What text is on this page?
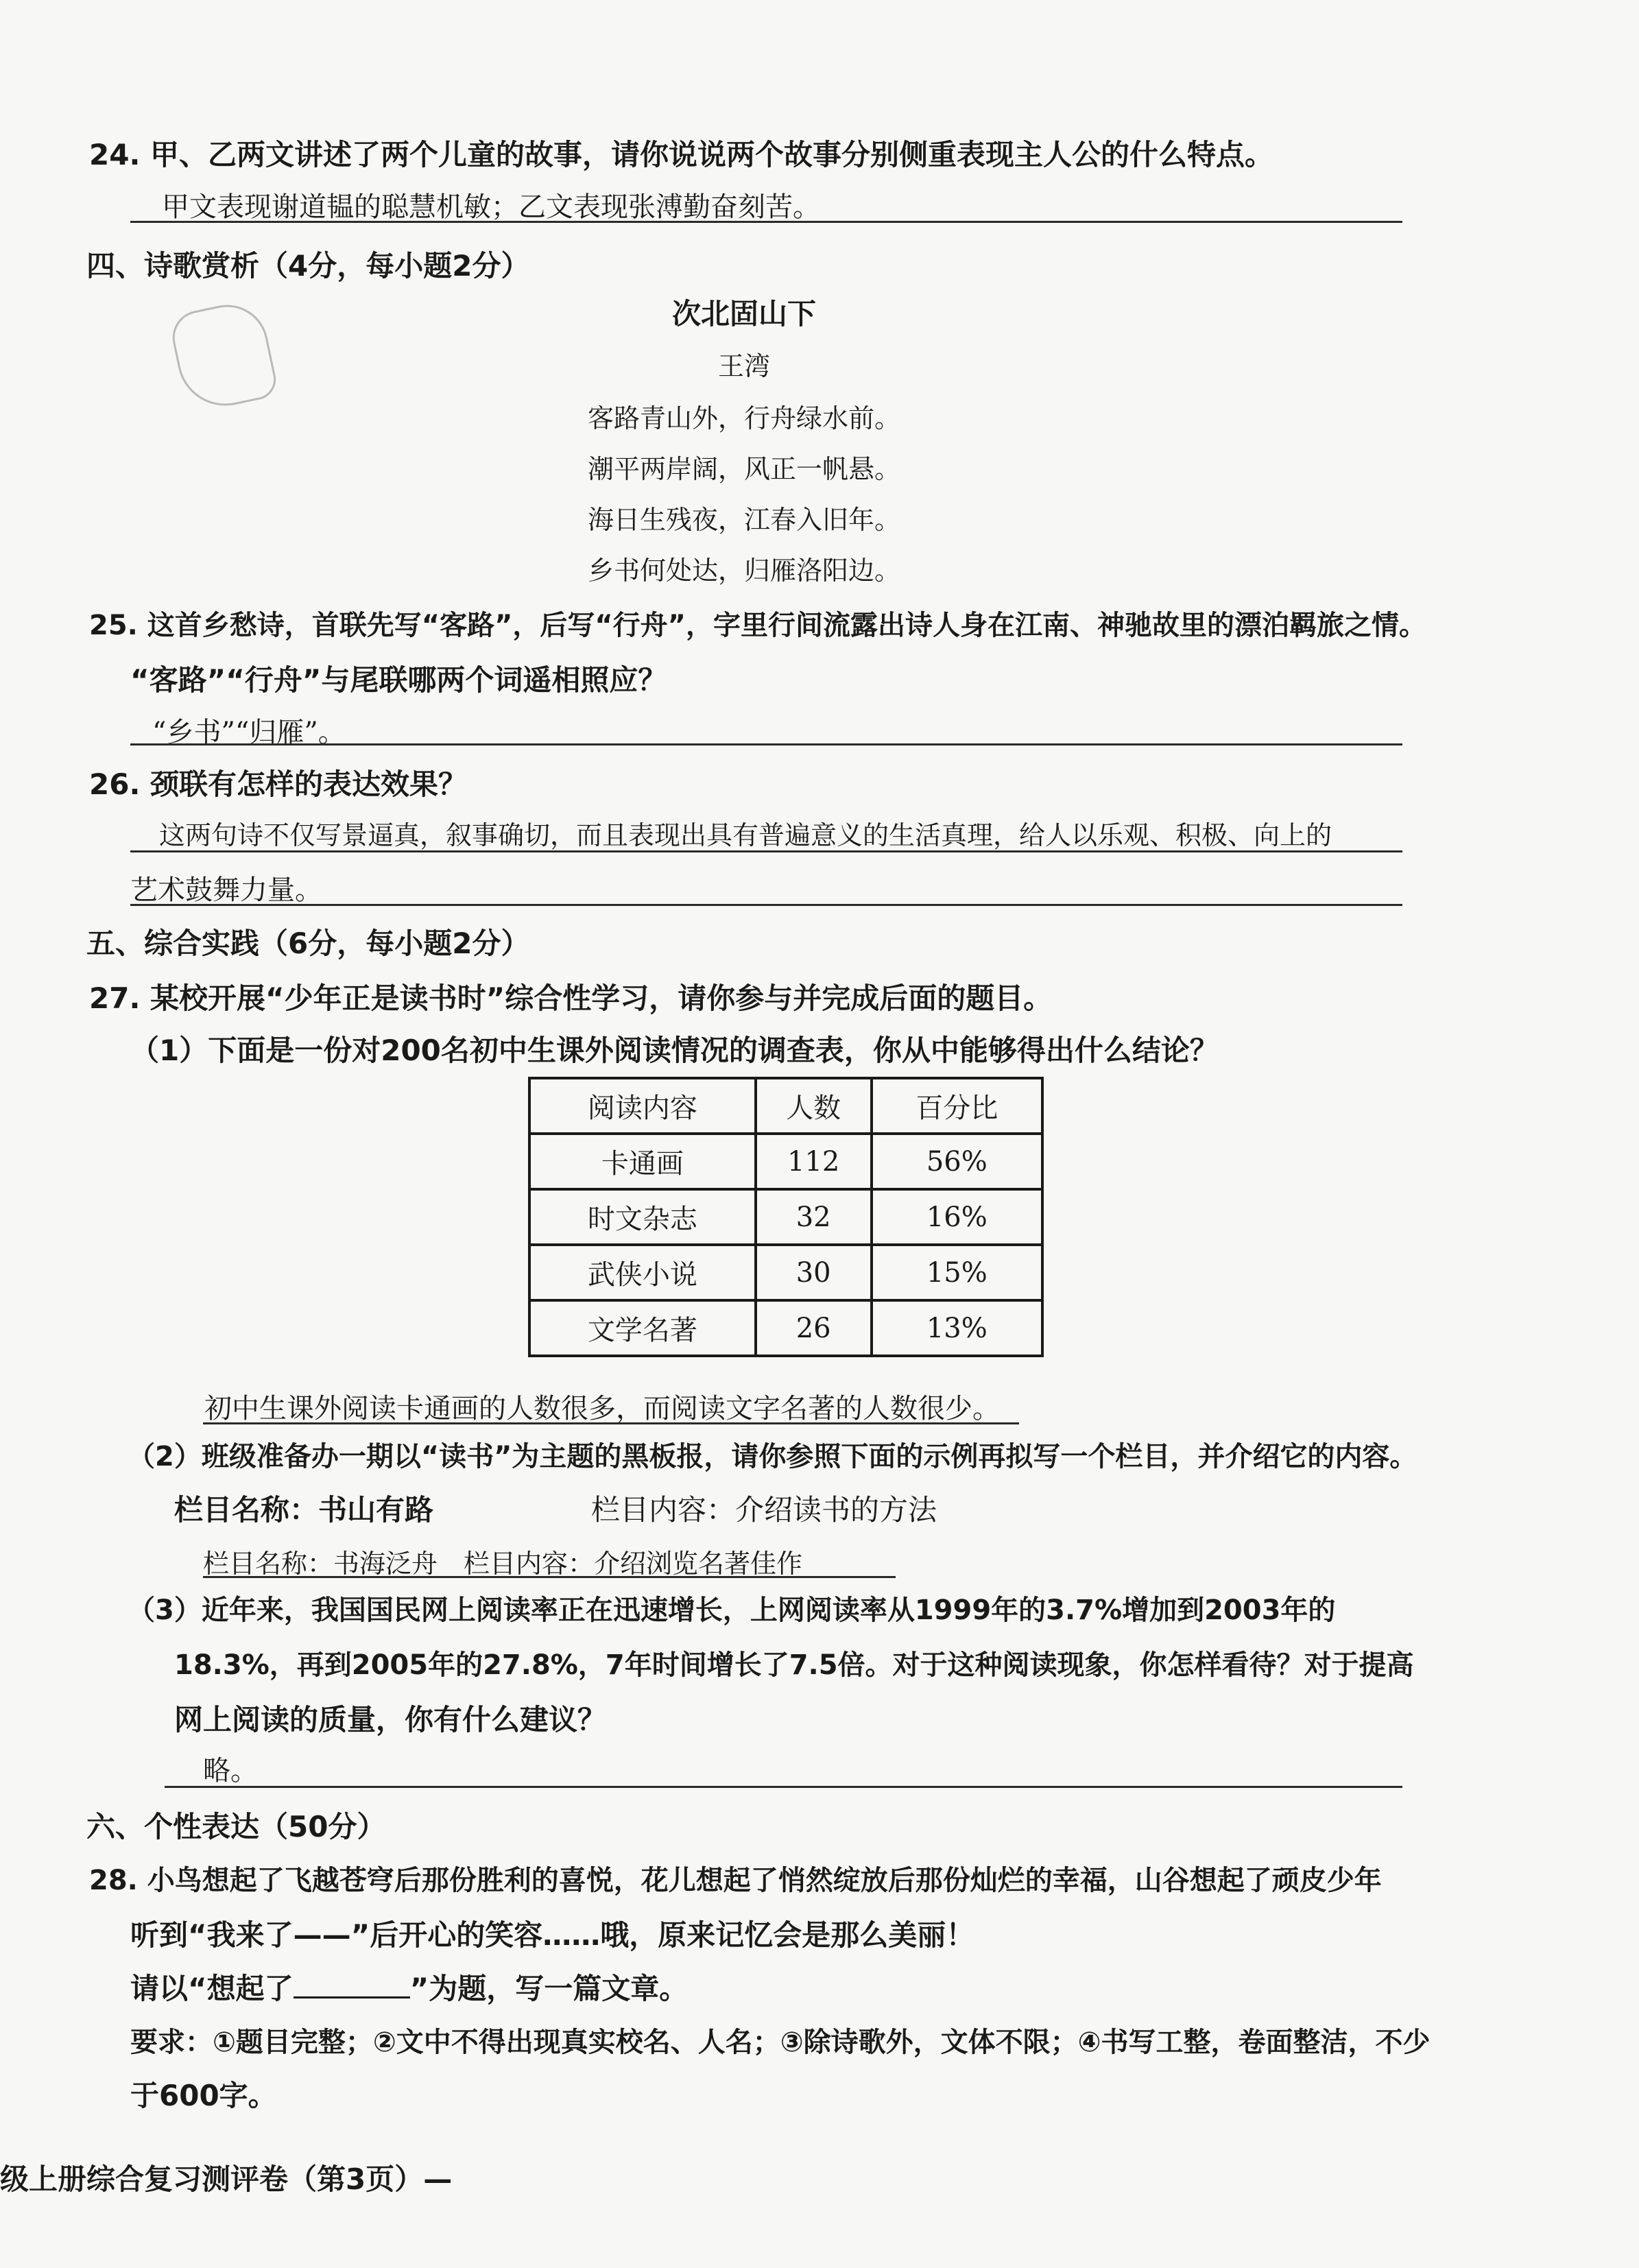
24. 甲、乙两文讲述了两个儿童的故事，请你说说两个故事分别侧重表现主人公的什么特点。
甲文表现谢道韫的聪慧机敏；乙文表现张溥勤奋刻苦。
四、诗歌赏析（4分，每小题2分）
次北固山下
王湾
客路青山外，行舟绿水前。
潮平两岸阔，风正一帆悬。
海日生残夜，江春入旧年。
乡书何处达，归雁洛阳边。
25. 这首乡愁诗，首联先写“客路”，后写“行舟”，字里行间流露出诗人身在江南、神驰故里的漂泊羁旅之情。
“客路”“行舟”与尾联哪两个词遥相照应？
“乡书”“归雁”。
26. 颈联有怎样的表达效果？
这两句诗不仅写景逼真，叙事确切，而且表现出具有普遍意义的生活真理，给人以乐观、积极、向上的
艺术鼓舞力量。
五、综合实践（6分，每小题2分）
27. 某校开展“少年正是读书时”综合性学习，请你参与并完成后面的题目。
（1）下面是一份对200名初中生课外阅读情况的调查表，你从中能够得出什么结论？
阅读内容	人数	百分比
卡通画	112	56%
时文杂志	32	16%
武侠小说	30	15%
文学名著	26	13%
初中生课外阅读卡通画的人数很多，而阅读文字名著的人数很少。
（2）班级准备办一期以“读书”为主题的黑板报，请你参照下面的示例再拟写一个栏目，并介绍它的内容。
栏目名称：书山有路	栏目内容：介绍读书的方法
栏目名称：书海泛舟　栏目内容：介绍浏览名著佳作
（3）近年来，我国国民网上阅读率正在迅速增长，上网阅读率从1999年的3.7%增加到2003年的
18.3%，再到2005年的27.8%，7年时间增长了7.5倍。对于这种阅读现象，你怎样看待？对于提高
网上阅读的质量，你有什么建议？
略。
六、个性表达（50分）
28. 小鸟想起了飞越苍穹后那份胜利的喜悦，花儿想起了悄然绽放后那份灿烂的幸福，山谷想起了顽皮少年
听到“我来了——”后开心的笑容……哦，原来记忆会是那么美丽！
请以“想起了	”为题，写一篇文章。
要求：①题目完整；②文中不得出现真实校名、人名；③除诗歌外，文体不限；④书写工整，卷面整洁，不少
于600字。
级上册综合复习测评卷（第3页）—
